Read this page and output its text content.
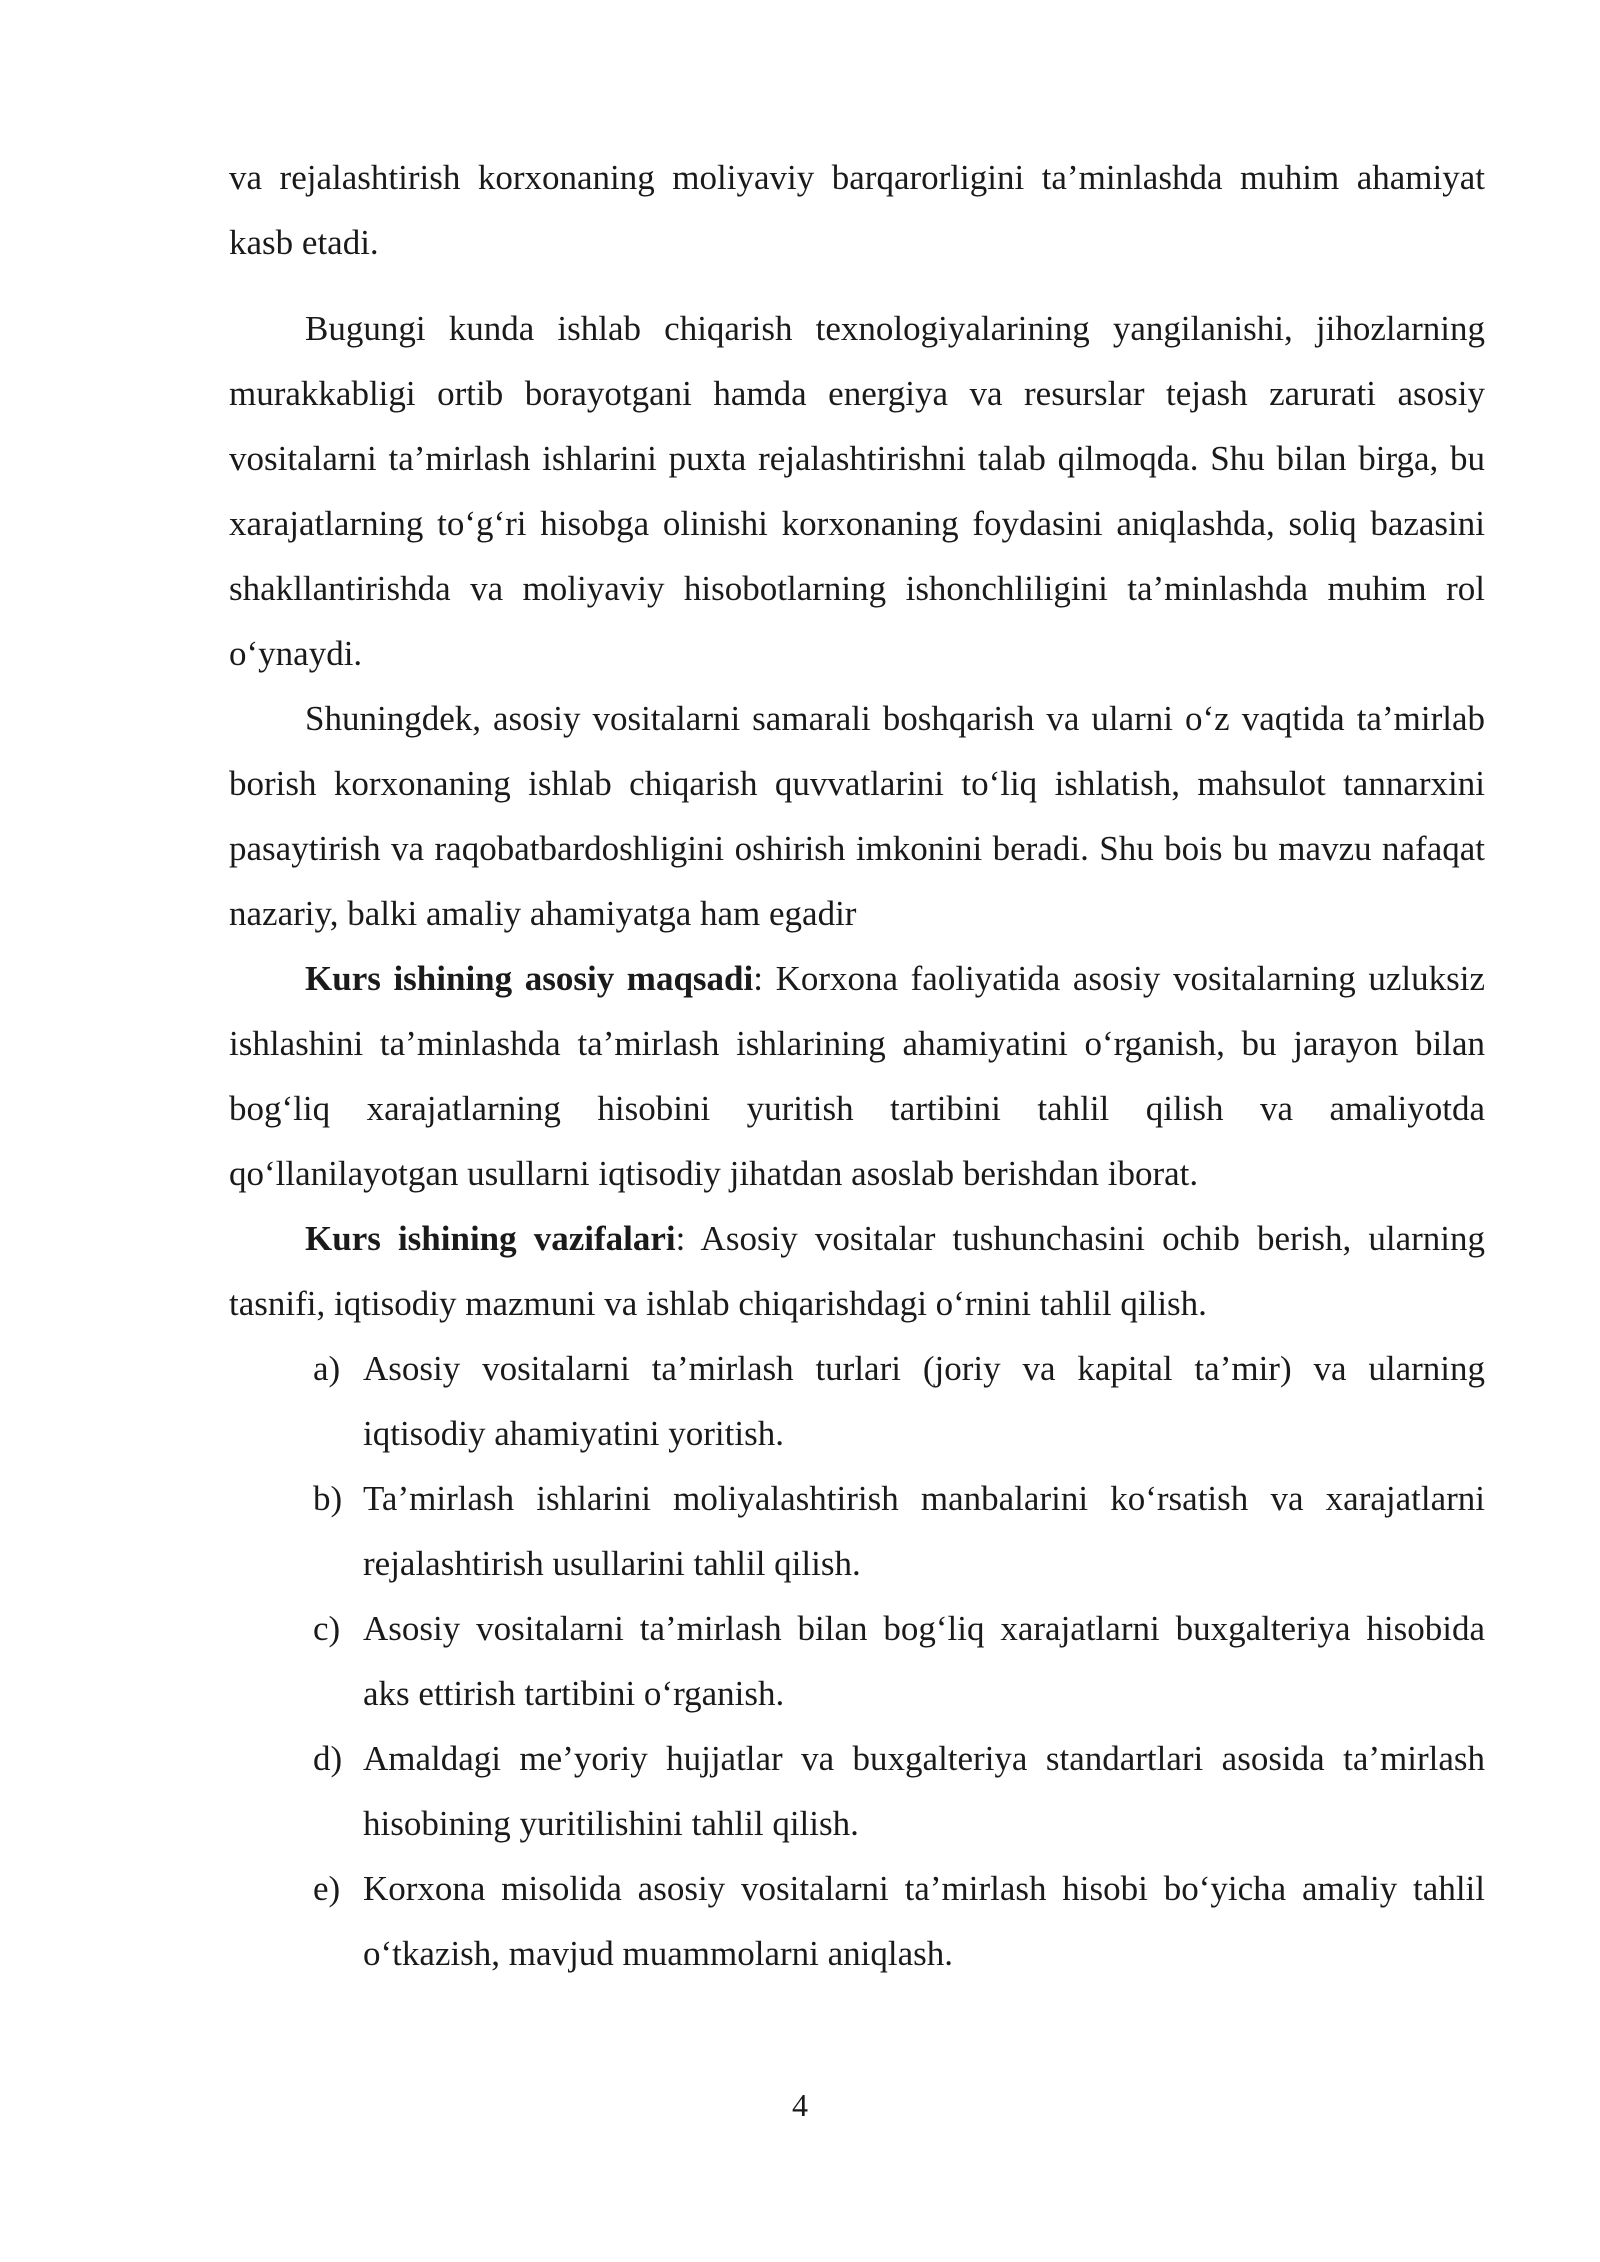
va rejalashtirish korxonaning moliyaviy barqarorligini ta’minlashda muhim ahamiyat kasb etadi.

Bugungi kunda ishlab chiqarish texnologiyalarining yangilanishi, jihozlarning murakkabligi ortib borayotgani hamda energiya va resurslar tejash zarurati asosiy vositalarni ta’mirlash ishlarini puxta rejalashtirishni talab qilmoqda. Shu bilan birga, bu xarajatlarning to‘g‘ri hisobga olinishi korxonaning foydasini aniqlashda, soliq bazasini shakllantirishda va moliyaviy hisobotlarning ishonchliligini ta’minlashda muhim rol o‘ynaydi.

Shuningdek, asosiy vositalarni samarali boshqarish va ularni o‘z vaqtida ta’mirlab borish korxonaning ishlab chiqarish quvvatlarini to‘liq ishlatish, mahsulot tannarxini pasaytirish va raqobatbardoshligini oshirish imkonini beradi. Shu bois bu mavzu nafaqat nazariy, balki amaliy ahamiyatga ham egadir

Kurs ishining asosiy maqsadi: Korxona faoliyatida asosiy vositalarning uzluksiz ishlashini ta’minlashda ta’mirlash ishlarining ahamiyatini o‘rganish, bu jarayon bilan bog‘liq xarajatlarning hisobini yuritish tartibini tahlil qilish va amaliyotda qo‘llanilayotgan usullarni iqtisodiy jihatdan asoslab berishdan iborat.

Kurs ishining vazifalari: Asosiy vositalar tushunchasini ochib berish, ularning tasnifi, iqtisodiy mazmuni va ishlab chiqarishdagi o‘rnini tahlil qilish.

a) Asosiy vositalarni ta’mirlash turlari (joriy va kapital ta’mir) va ularning iqtisodiy ahamiyatini yoritish.
b) Ta’mirlash ishlarini moliyalashtirish manbalarini ko‘rsatish va xarajatlarni rejalashtirish usullarini tahlil qilish.
c) Asosiy vositalarni ta’mirlash bilan bog‘liq xarajatlarni buxgalteriya hisobida aks ettirish tartibini o‘rganish.
d) Amaldagi me’yoriy hujjatlar va buxgalteriya standartlari asosida ta’mirlash hisobining yuritilishini tahlil qilish.
e) Korxona misolida asosiy vositalarni ta’mirlash hisobi bo‘yicha amaliy tahlil o‘tkazish, mavjud muammolarni aniqlash.
4
